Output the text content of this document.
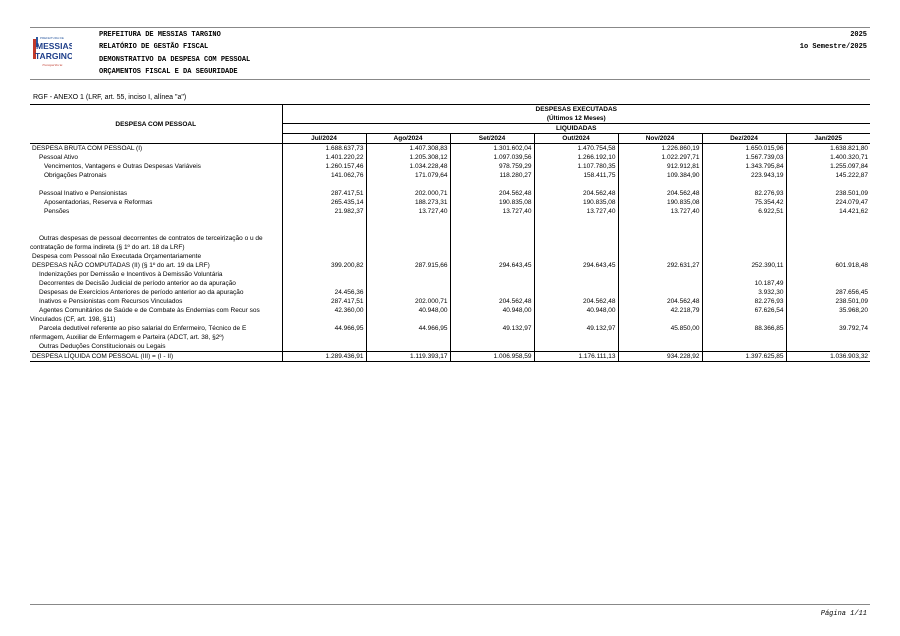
PREFEITURA DE
MESSIAS
TARGINO
Transparência
PREFEITURA DE MESSIAS TARGINO
RELATÓRIO DE GESTÃO FISCAL
DEMONSTRATIVO DA DESPESA COM PESSOAL
ORÇAMENTOS FISCAL E DA SEGURIDADE
2025
1o Semestre/2025
RGF - ANEXO 1 (LRF, art. 55, inciso I, alínea "a")
DESPESA COM PESSOAL	DESPESAS EXECUTADAS						
	(Últimos 12 Meses)						
	LIQUIDADAS						
	Jul/2024	Ago/2024	Set/2024	Out/2024	Nov/2024	Dez/2024	Jan/2025
DESPESA BRUTA COM PESSOAL (I)	1.688.637,73	1.407.308,83	1.301.602,04	1.470.754,58	1.226.860,19	1.650.015,96	1.638.821,80
Pessoal Ativo	1.401.220,22	1.205.308,12	1.097.039,56	1.266.192,10	1.022.297,71	1.567.739,03	1.400.320,71
Vencimentos, Vantagens e Outras Despesas Variáveis	1.260.157,46	1.034.228,48	978.759,29	1.107.780,35	912.912,81	1.343.795,84	1.255.097,84
Obrigações Patronais	141.062,76	171.079,64	118.280,27	158.411,75	109.384,90	223.943,19	145.222,87

Pessoal Inativo e Pensionistas	287.417,51	202.000,71	204.562,48	204.562,48	204.562,48	82.276,93	238.501,09
Aposentadorias, Reserva e Reformas	265.435,14	188.273,31	190.835,08	190.835,08	190.835,08	75.354,42	224.079,47
Pensões	21.982,37	13.727,40	13.727,40	13.727,40	13.727,40	6.922,51	14.421,62

Outras despesas de pessoal decorrentes de contratos de terceirização o u de contratação de forma indireta (§ 1º do art. 18 da LRF)							
Despesa com Pessoal não Executada Orçamentariamente							
DESPESAS NÃO COMPUTADAS (II) (§ 1º do art. 19 da LRF)	399.200,82	287.915,66	294.643,45	294.643,45	292.631,27	252.390,11	601.918,48
Indenizações por Demissão e Incentivos à Demissão Voluntária							
Decorrentes de Decisão Judicial de período anterior ao da apuração						10.187,49	
Despesas de Exercícios Anteriores de período anterior ao da apuração	24.456,36					3.932,30	287.656,45
Inativos e Pensionistas com Recursos Vinculados	287.417,51	202.000,71	204.562,48	204.562,48	204.562,48	82.276,93	238.501,09
Agentes Comunitários de Saúde e de Combate às Endemias com Recur sos Vinculados (CF, art. 198, §11)	42.360,00	40.948,00	40.948,00	40.948,00	42.218,79	67.626,54	35.968,20
Parcela dedutível referente ao piso salarial do Enfermeiro, Técnico de E nfermagem, Auxiliar de Enfermagem e Parteira (ADCT, art. 38, §2º)	44.966,95	44.966,95	49.132,97	49.132,97	45.850,00	88.366,85	39.792,74
Outras Deduções Constitucionais ou Legais							
DESPESA LÍQUIDA COM PESSOAL (III) = (I - II)	1.289.436,91	1.119.393,17	1.006.958,59	1.176.111,13	934.228,92	1.397.625,85	1.036.903,32
Página 1/11
